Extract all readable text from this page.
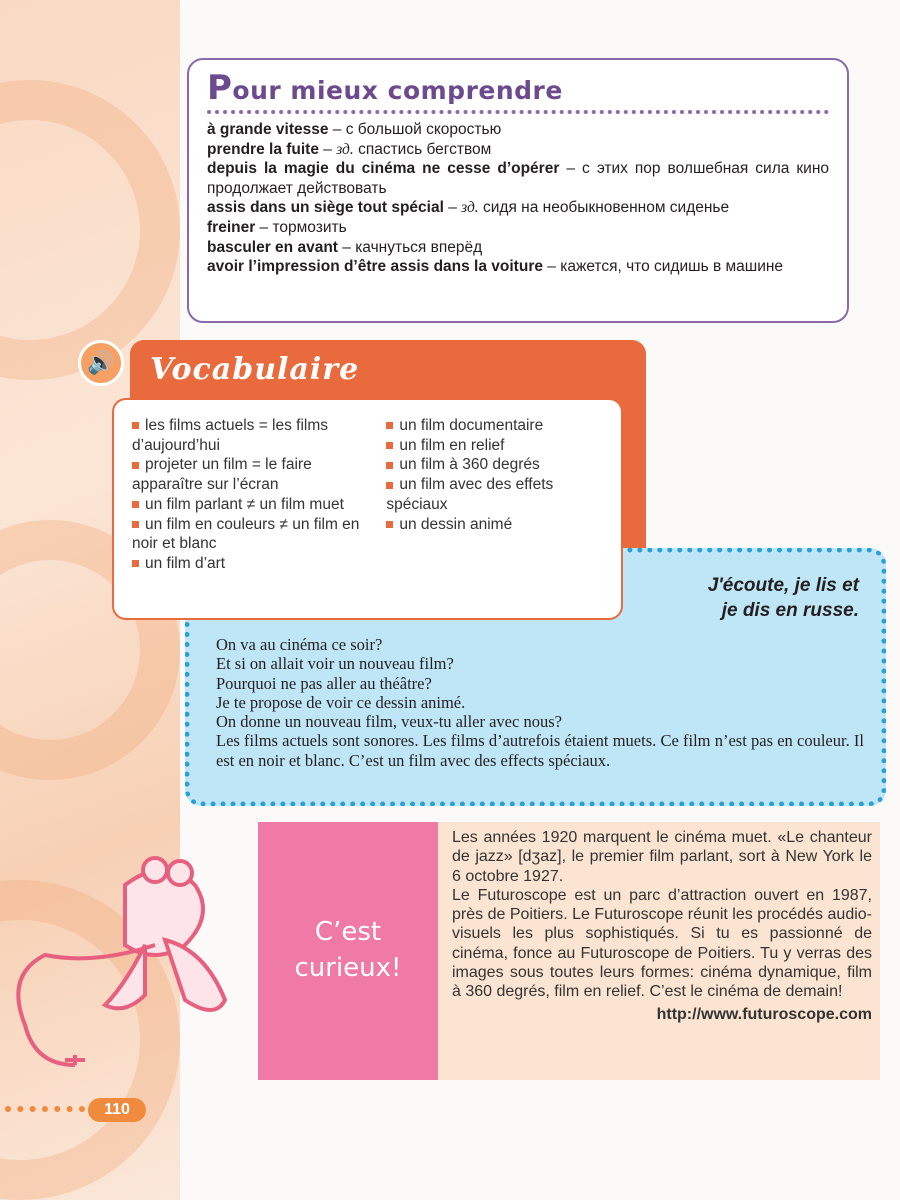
Pour mieux comprendre
à grande vitesse – с большой скоростью
prendre la fuite – зд. спастись бегством
depuis la magie du cinéma ne cesse d’opérer – с этих пор волшебная сила кино продолжает действовать
assis dans un siège tout spécial – зд. сидя на необыкновенном сиденье
freiner – тормозить
basculer en avant – качнуться вперёд
avoir l’impression d’être assis dans la voiture – кажется, что сидишь в машине
🔊	Vocabulaire
les films actuels = les films d’aujourd’hui
projeter un film = le faire apparaître sur l’écran
un film parlant ≠ un film muet
un film en couleurs ≠ un film en noir et blanc
un film d’art
un film documentaire
un film en relief
un film à 360 degrés
un film avec des effets spéciaux
un dessin animé
J'écoute, je lis et
je dis en russe.
On va au cinéma ce soir?
Et si on allait voir un nouveau film?
Pourquoi ne pas aller au théâtre?
Je te propose de voir ce dessin animé.
On donne un nouveau film, veux-tu aller avec nous?
Les films actuels sont sonores. Les films d’autrefois étaient muets. Ce film n’est pas en couleur. Il est en noir et blanc. C’est un film avec des effects spéciaux.
C’est
curieux!

Les années 1920 marquent le cinéma muet. «Le chanteur de jazz» [dʒaz], le premier film parlant, sort à New York le 6 octobre 1927.

Le Futuroscope est un parc d’attraction ouvert en 1987, près de Poitiers. Le Futuroscope réunit les procédés audio-visuels les plus sophistiqués. Si tu es passionné de cinéma, fonce au Futuroscope de Poitiers. Tu y verras des images sous toutes leurs formes: cinéma dynamique, film à 360 degrés, film en relief. C’est le cinéma de demain!

http://www.futuroscope.com

110
